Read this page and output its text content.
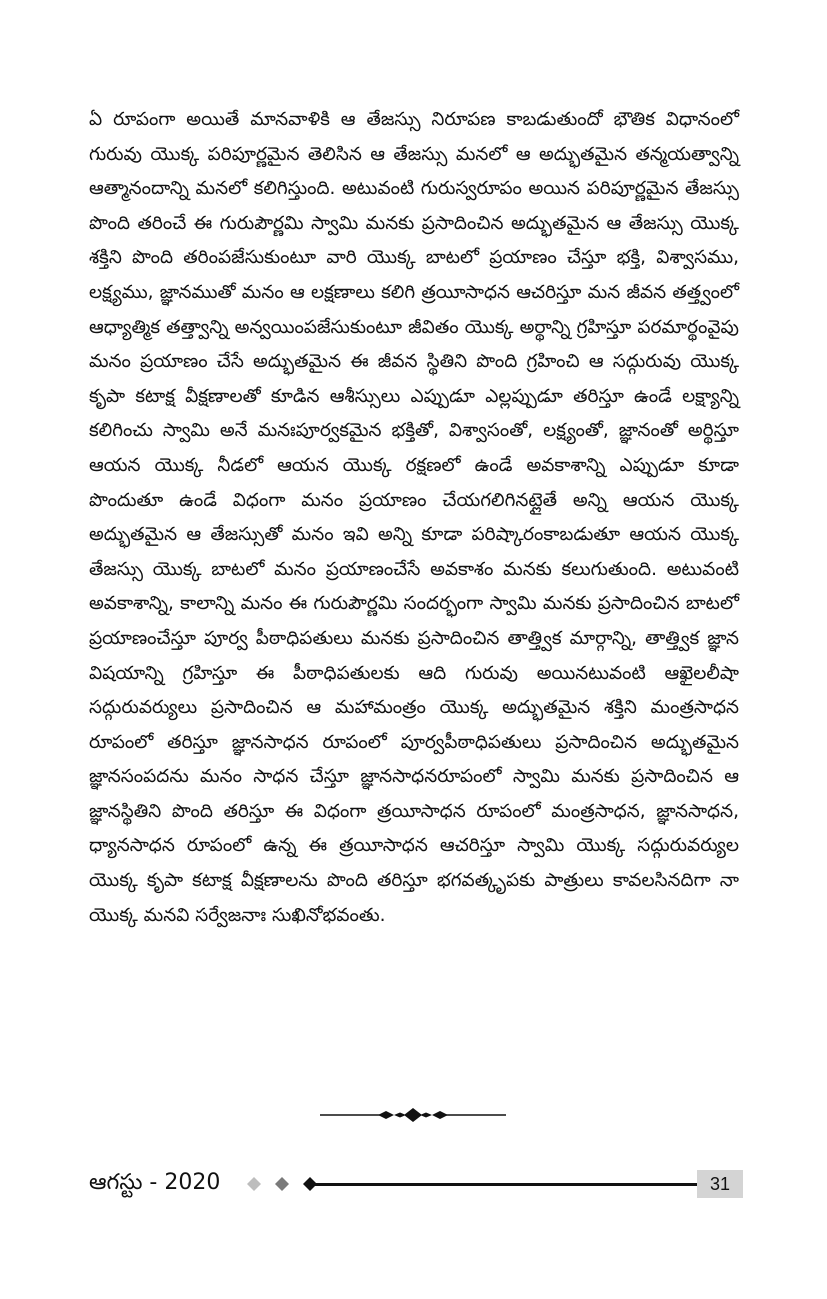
ఏ రూపంగా అయితే మానవాళికి ఆ తేజస్సు నిరూపణ కాబడుతుందో భౌతిక విధానంలో గురువు యొక్క పరిపూర్ణమైన తెలిసిన ఆ తేజస్సు మనలో ఆ అద్భుతమైన తన్మయత్వాన్ని ఆత్మానందాన్ని మనలో కలిగిస్తుంది. అటువంటి గురుస్వరూపం అయిన పరిపూర్ణమైన తేజస్సు పొంది తరించే ఈ గురుపౌర్ణమి స్వామి మనకు ప్రసాదించిన అద్భుతమైన ఆ తేజస్సు యొక్క శక్తిని పొంది తరింపజేసుకుంటూ వారి యొక్క బాటలో ప్రయాణం చేస్తూ భక్తి, విశ్వాసము, లక్ష్యము, జ్ఞానముతో మనం ఆ లక్షణాలు కలిగి త్రయీసాధన ఆచరిస్తూ మన జీవన తత్త్వంలో ఆధ్యాత్మిక తత్త్వాన్ని అన్వయింపజేసుకుంటూ జీవితం యొక్క అర్థాన్ని గ్రహిస్తూ పరమార్థంవైపు మనం ప్రయాణం చేసే అద్భుతమైన ఈ జీవన స్థితిని పొంది గ్రహించి ఆ సద్గురువు యొక్క కృపా కటాక్ష వీక్షణాలతో కూడిన ఆశీస్సులు ఎప్పుడూ ఎల్లప్పుడూ తరిస్తూ ఉండే లక్ష్యాన్ని కలిగించు స్వామి అనే మనఃపూర్వకమైన భక్తితో, విశ్వాసంతో, లక్ష్యంతో, జ్ఞానంతో అర్థిస్తూ ఆయన యొక్క నీడలో ఆయన యొక్క రక్షణలో ఉండే అవకాశాన్ని ఎప్పుడూ కూడా పొందుతూ ఉండే విధంగా మనం ప్రయాణం చేయగలిగినట్లైతే అన్ని ఆయన యొక్క అద్భుతమైన ఆ తేజస్సుతో మనం ఇవి అన్ని కూడా పరిష్కారంకాబడుతూ ఆయన యొక్క తేజస్సు యొక్క బాటలో మనం ప్రయాణంచేసే అవకాశం మనకు కలుగుతుంది. అటువంటి అవకాశాన్ని, కాలాన్ని మనం ఈ గురుపౌర్ణమి సందర్భంగా స్వామి మనకు ప్రసాదించిన బాటలో ప్రయాణంచేస్తూ పూర్వ పీఠాధిపతులు మనకు ప్రసాదించిన తాత్త్విక మార్గాన్ని, తాత్త్విక జ్ఞాన విషయాన్ని గ్రహిస్తూ ఈ పీఠాధిపతులకు ఆది గురువు అయినటువంటి ఆఖైలలీషా సద్గురువర్యులు ప్రసాదించిన ఆ మహామంత్రం యొక్క అద్భుతమైన శక్తిని మంత్రసాధన రూపంలో తరిస్తూ జ్ఞానసాధన రూపంలో పూర్వపీఠాధిపతులు ప్రసాదించిన అద్భుతమైన జ్ఞానసంపదను మనం సాధన చేస్తూ జ్ఞానసాధనరూపంలో స్వామి మనకు ప్రసాదించిన ఆ జ్ఞానస్థితిని పొంది తరిస్తూ ఈ విధంగా త్రయీసాధన రూపంలో మంత్రసాధన, జ్ఞానసాధన, ధ్యానసాధన రూపంలో ఉన్న ఈ త్రయీసాధన ఆచరిస్తూ స్వామి యొక్క సద్గురువర్యుల యొక్క కృపా కటాక్ష వీక్షణాలను పొంది తరిస్తూ భగవత్కృపకు పాత్రులు కావలసినదిగా నా యొక్క మనవి సర్వేజనాః సుఖినోభవంతు.

ఆగస్టు - 2020	31
